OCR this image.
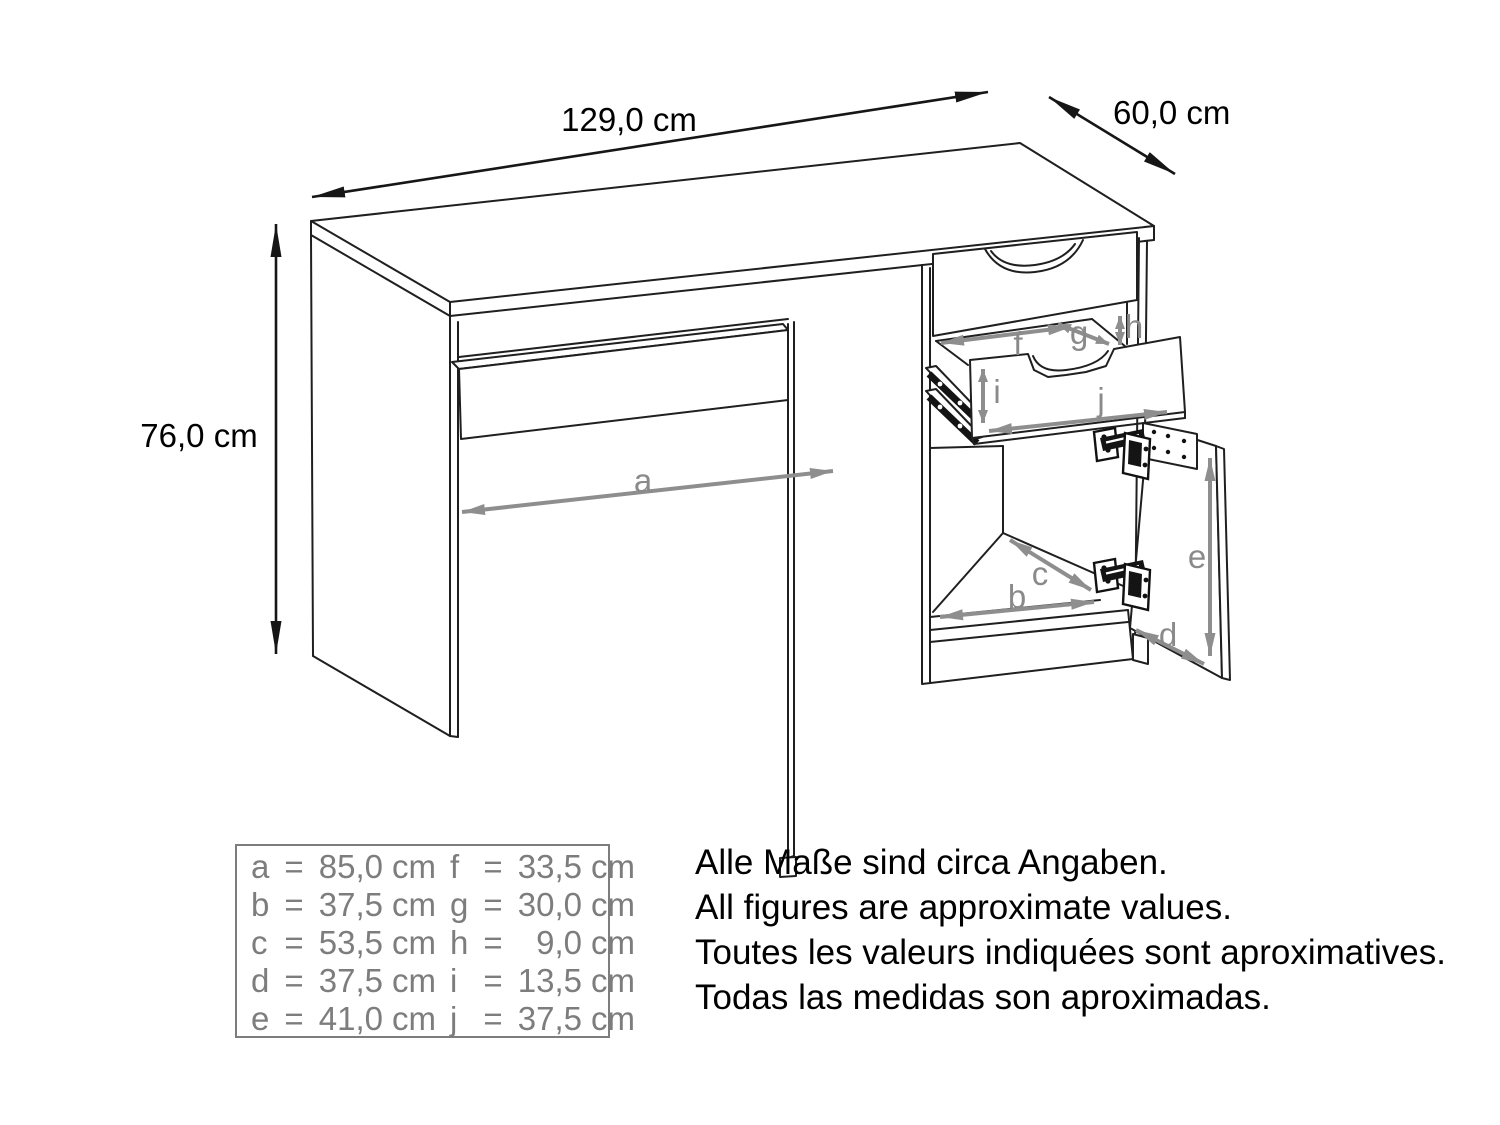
129,0 cm	60,0 cm
76,0 cm
a
b
c
d
e
f g h
i	j
a = 85,0 cm
b = 37,5 cm
c = 53,5 cm
d = 37,5 cm
e = 41,0 cm
f = 33,5 cm
g = 30,0 cm
h = 9,0 cm
i = 13,5 cm
j = 37,5 cm
Alle Maße sind circa Angaben.
All figures are approximate values.
Toutes les valeurs indiquées sont aproximatives.
Todas las medidas son aproximadas.
